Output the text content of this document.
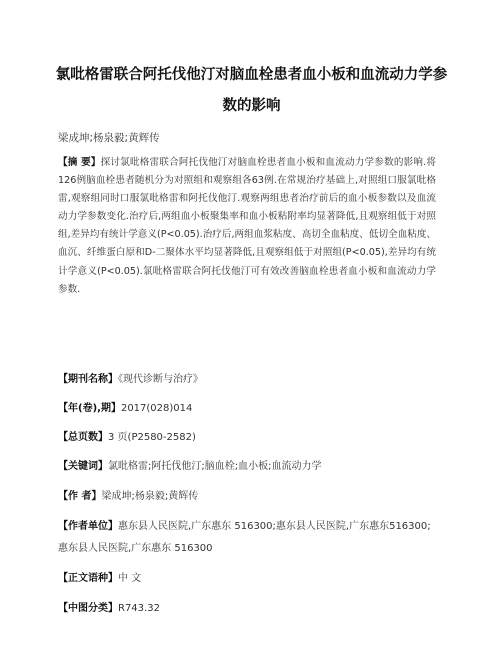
氯吡格雷联合阿托伐他汀对脑血栓患者血小板和血流动力学参数的影响
梁成坤;杨泉毅;黄辉传
【摘 要】探讨氯吡格雷联合阿托伐他汀对脑血栓患者血小板和血流动力学参数的影响.将126例脑血栓患者随机分为对照组和观察组各63例.在常规治疗基础上,对照组口服氯吡格雷,观察组同时口服氯吡格雷和阿托伐他汀.观察两组患者治疗前后的血小板参数以及血流动力学参数变化.治疗后,两组血小板聚集率和血小板粘附率均显著降低,且观察组低于对照组,差异均有统计学意义(P<0.05).治疗后,两组血浆粘度、高切全血粘度、低切全血粘度、血沉、纤维蛋白原和D-二聚体水平均显著降低,且观察组低于对照组(P<0.05),差异均有统计学意义(P<0.05).氯吡格雷联合阿托伐他汀可有效改善脑血栓患者血小板和血流动力学参数.
【期刊名称】《现代诊断与治疗》
【年(卷),期】2017(028)014
【总页数】3 页(P2580-2582)
【关键词】氯吡格雷;阿托伐他汀;脑血栓;血小板;血流动力学
【作 者】梁成坤;杨泉毅;黄辉传
【作者单位】惠东县人民医院,广东惠东 516300;惠东县人民医院,广东惠东516300;惠东县人民医院,广东惠东 516300
【正文语种】中 文
【中图分类】R743.32
